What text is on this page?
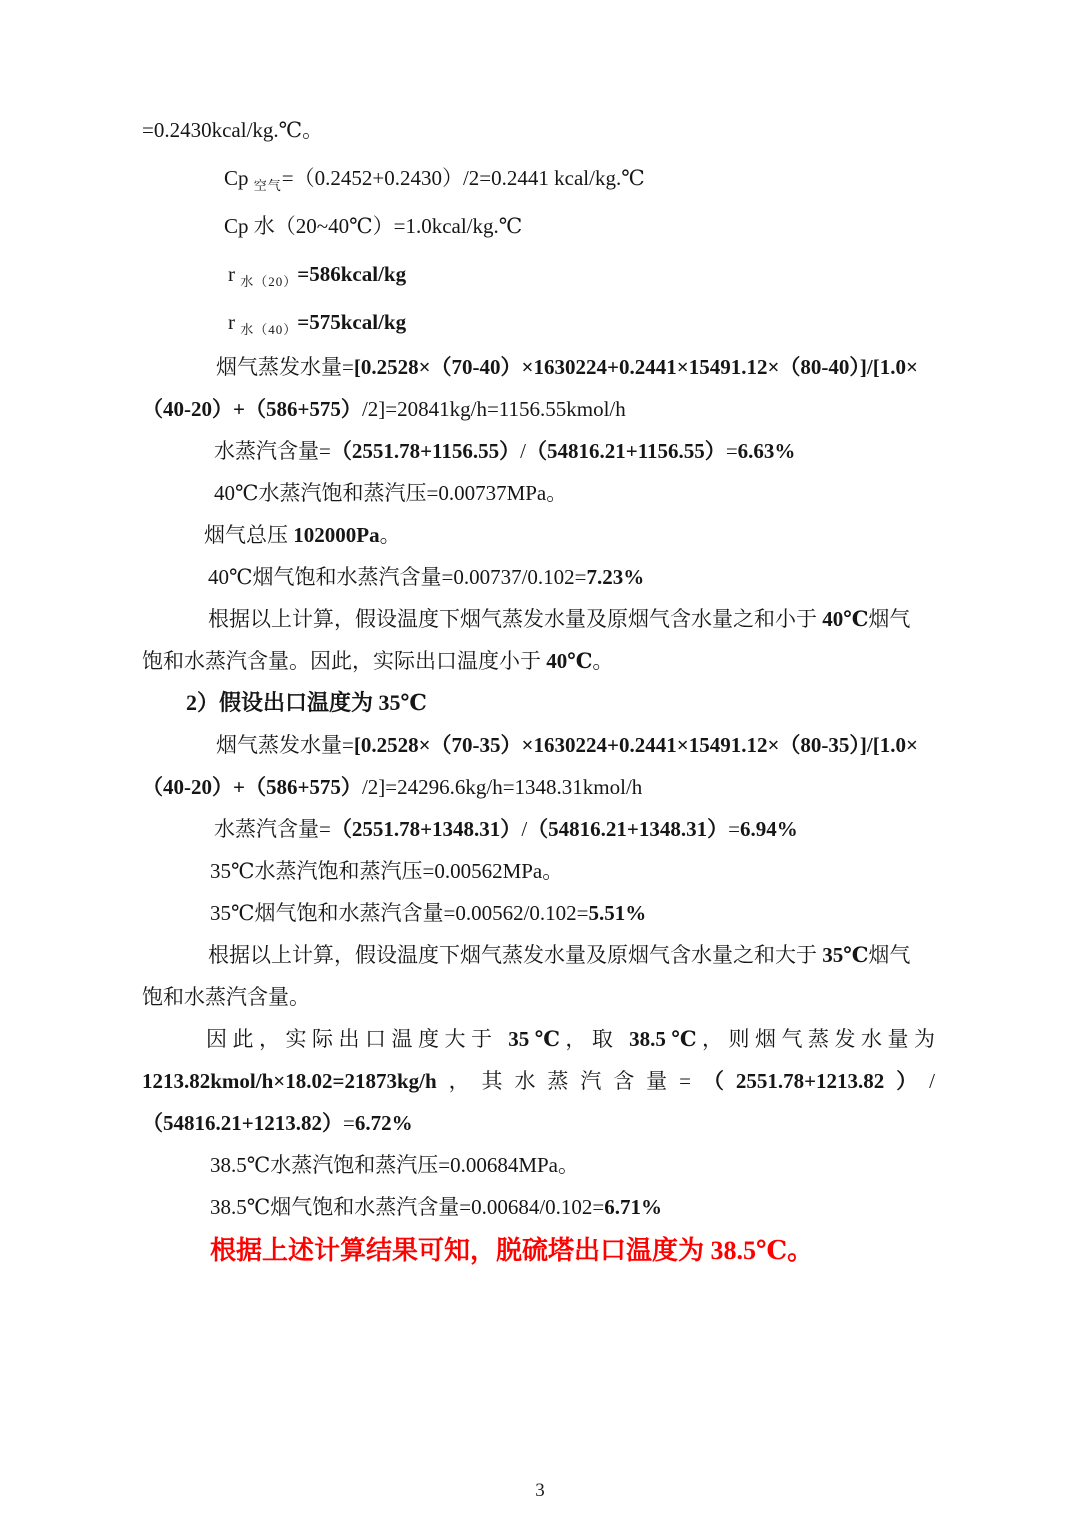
=0.2430kcal/kg.℃。
Cp $_{空气}$=（0.2452+0.2430）/2=0.2441 kcal/kg.℃
Cp 水（20~40℃）=1.0kcal/kg.℃
r $_{水(20)}$=586kcal/kg
r $_{水(40)}$=575kcal/kg
烟气蒸发水量=[0.2528×（70-40）×1630224+0.2441×15491.12×（80-40）]/[1.0×
（40-20）+（586+575）/2]=20841kg/h=1156.55kmol/h
水蒸汽含量=（2551.78+1156.55）/（54816.21+1156.55）=6.63%
40℃水蒸汽饱和蒸汽压=0.00737MPa。
烟气总压 102000Pa。
40℃烟气饱和水蒸汽含量=0.00737/0.102=7.23%
根据以上计算，假设温度下烟气蒸发水量及原烟气含水量之和小于 40℃烟气
饱和水蒸汽含量。因此，实际出口温度小于 40℃。
2）假设出口温度为 35℃
烟气蒸发水量=[0.2528×（70-35）×1630224+0.2441×15491.12×（80-35）]/[1.0×
（40-20）+（586+575）/2]=24296.6kg/h=1348.31kmol/h
水蒸汽含量=（2551.78+1348.31）/（54816.21+1348.31）=6.94%
35℃水蒸汽饱和蒸汽压=0.00562MPa。
35℃烟气饱和水蒸汽含量=0.00562/0.102=5.51%
根据以上计算，假设温度下烟气蒸发水量及原烟气含水量之和大于 35℃烟气
饱和水蒸汽含量。
因此，实际出口温度大于 35℃，取 38.5℃，则烟气蒸发水量为
1213.82kmol/h×18.02=21873kg/h，其水蒸汽含量=（2551.78+1213.82）/
（54816.21+1213.82）=6.72%
38.5℃水蒸汽饱和蒸汽压=0.00684MPa。
38.5℃烟气饱和水蒸汽含量=0.00684/0.102=6.71%
根据上述计算结果可知，脱硫塔出口温度为 38.5℃。
3
